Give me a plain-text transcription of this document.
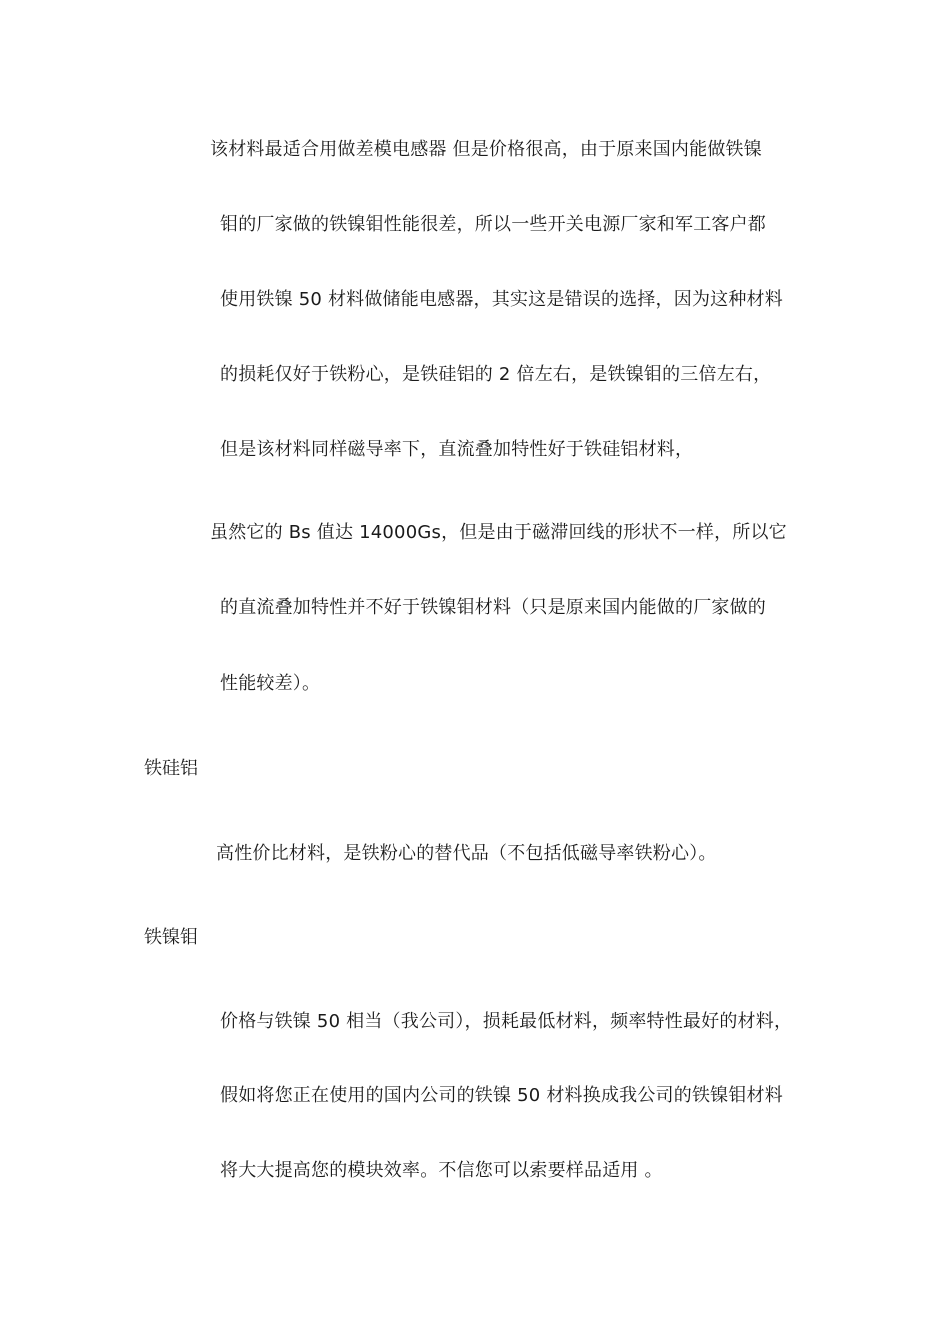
该材料最适合用做差模电感器 但是价格很高，由于原来国内能做铁镍
钼的厂家做的铁镍钼性能很差，所以一些开关电源厂家和军工客户都
使用铁镍 50 材料做储能电感器，其实这是错误的选择，因为这种材料
的损耗仅好于铁粉心，是铁硅铝的 2 倍左右，是铁镍钼的三倍左右，
但是该材料同样磁导率下，直流叠加特性好于铁硅铝材料，
虽然它的 Bs 值达 14000Gs，但是由于磁滞回线的形状不一样，所以它
的直流叠加特性并不好于铁镍钼材料（只是原来国内能做的厂家做的
性能较差）。
铁硅铝
高性价比材料，是铁粉心的替代品（不包括低磁导率铁粉心）。
铁镍钼
价格与铁镍 50 相当（我公司），损耗最低材料，频率特性最好的材料，
假如将您正在使用的国内公司的铁镍 50 材料换成我公司的铁镍钼材料
将大大提高您的模块效率。不信您可以索要样品适用 。
